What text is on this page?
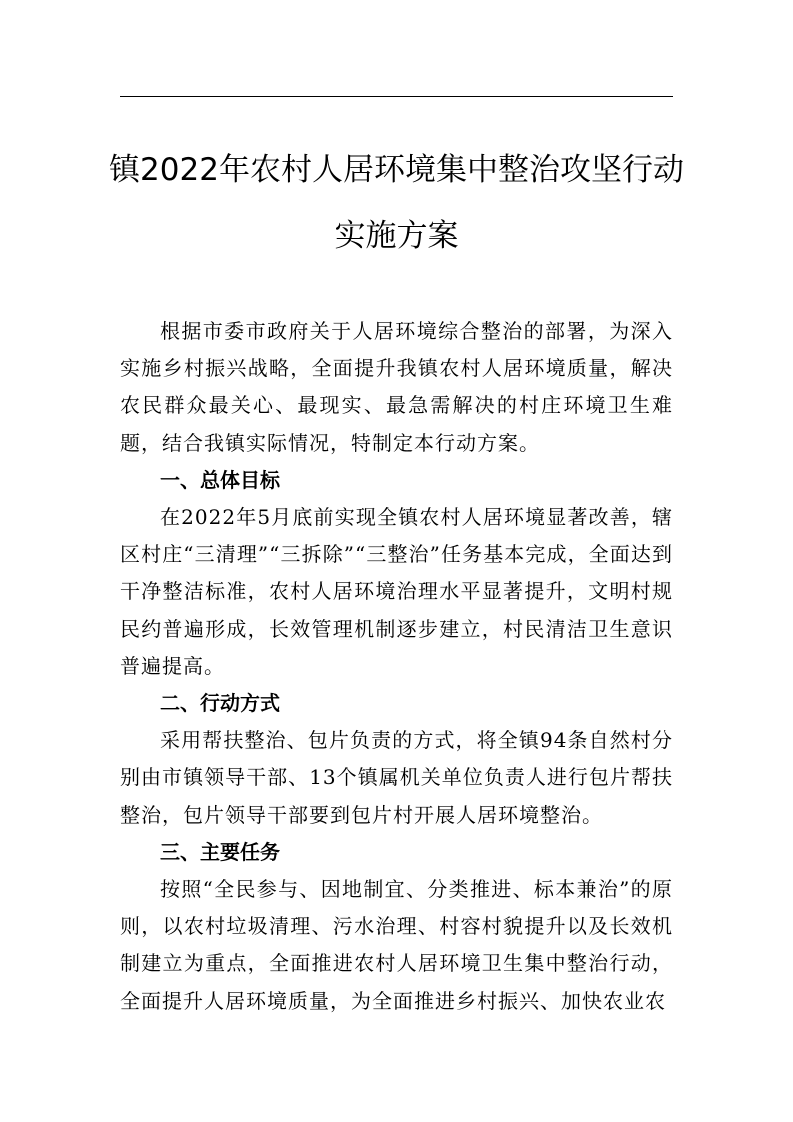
镇2022年农村人居环境集中整治攻坚行动
实施方案

根据市委市政府关于人居环境综合整治的部署，为深入实施乡村振兴战略，全面提升我镇农村人居环境质量，解决农民群众最关心、最现实、最急需解决的村庄环境卫生难题，结合我镇实际情况，特制定本行动方案。

一、总体目标

在2022年5月底前实现全镇农村人居环境显著改善，辖区村庄“三清理”“三拆除”“三整治”任务基本完成，全面达到干净整洁标准，农村人居环境治理水平显著提升，文明村规民约普遍形成，长效管理机制逐步建立，村民清洁卫生意识普遍提高。

二、行动方式

采用帮扶整治、包片负责的方式，将全镇94条自然村分别由市镇领导干部、13个镇属机关单位负责人进行包片帮扶整治，包片领导干部要到包片村开展人居环境整治。

三、主要任务

按照“全民参与、因地制宜、分类推进、标本兼治”的原则，以农村垃圾清理、污水治理、村容村貌提升以及长效机制建立为重点，全面推进农村人居环境卫生集中整治行动，全面提升人居环境质量，为全面推进乡村振兴、加快农业农
